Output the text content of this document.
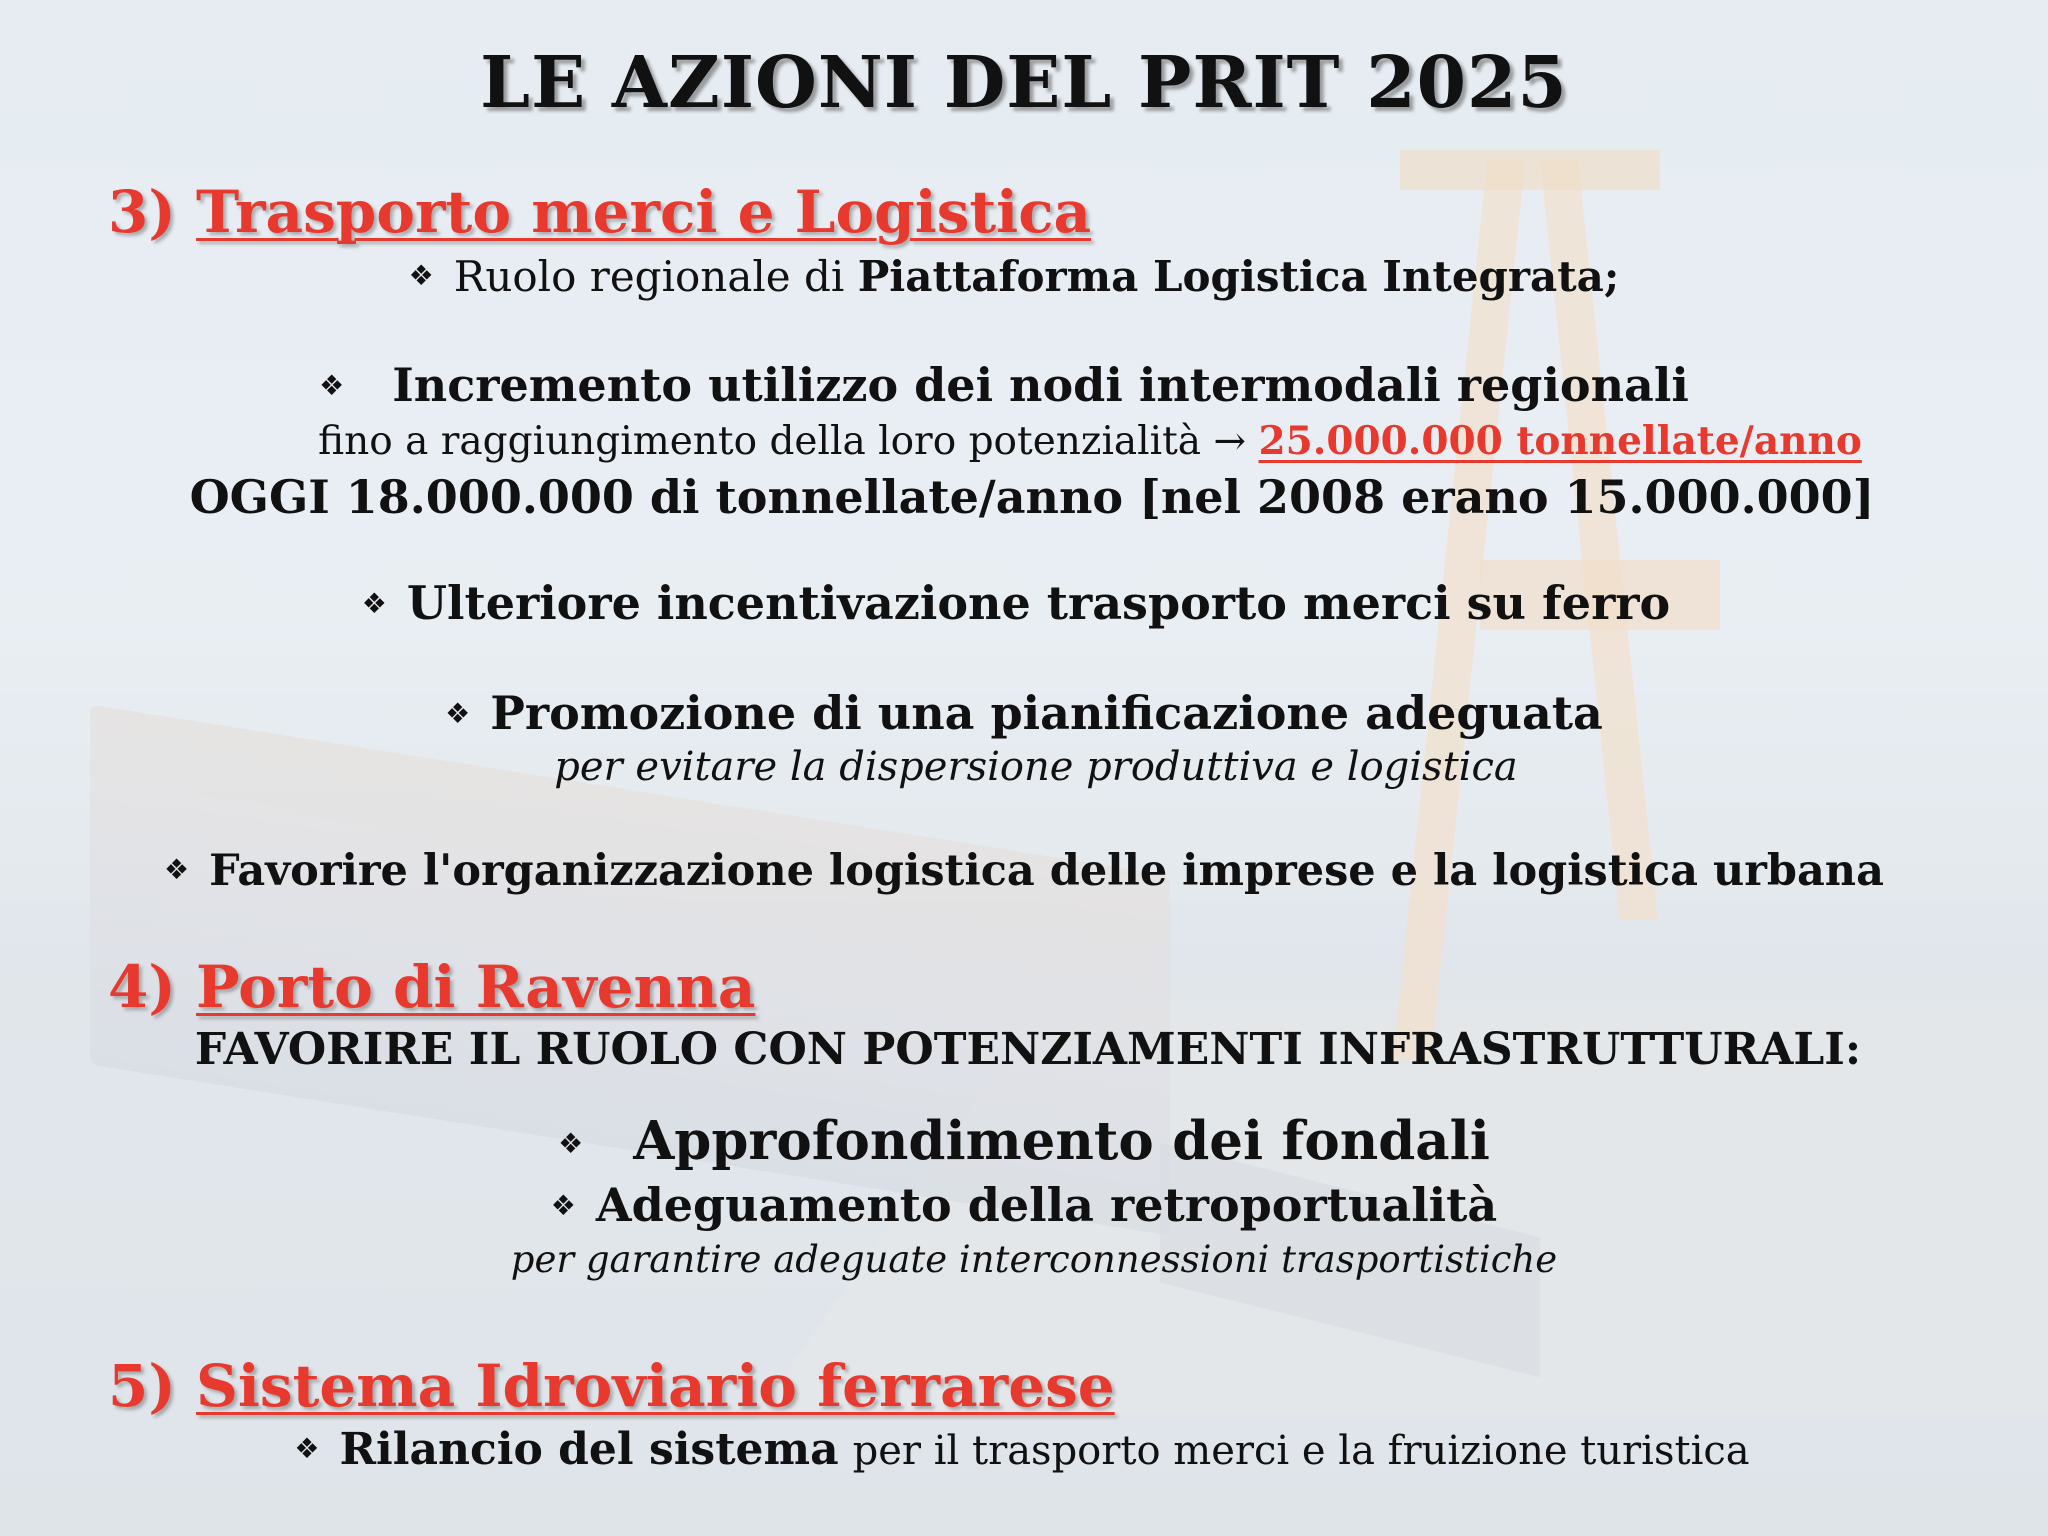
LE AZIONI DEL PRIT 2025
3) Trasporto merci e Logistica
❖ Ruolo regionale di Piattaforma Logistica Integrata;
❖ Incremento utilizzo dei nodi intermodali regionali
fino a raggiungimento della loro potenzialità → 25.000.000 tonnellate/anno
OGGI 18.000.000 di tonnellate/anno [nel 2008 erano 15.000.000]
❖ Ulteriore incentivazione trasporto merci su ferro
❖ Promozione di una pianificazione adeguata
per evitare la dispersione produttiva e logistica
❖ Favorire l'organizzazione logistica delle imprese e la logistica urbana
4) Porto di Ravenna
FAVORIRE IL RUOLO CON POTENZIAMENTI INFRASTRUTTURALI:
❖ Approfondimento dei fondali
❖ Adeguamento della retroportualità
per garantire adeguate interconnessioni trasportistiche
5) Sistema Idroviario ferrarese
❖ Rilancio del sistema per il trasporto merci e la fruizione turistica
